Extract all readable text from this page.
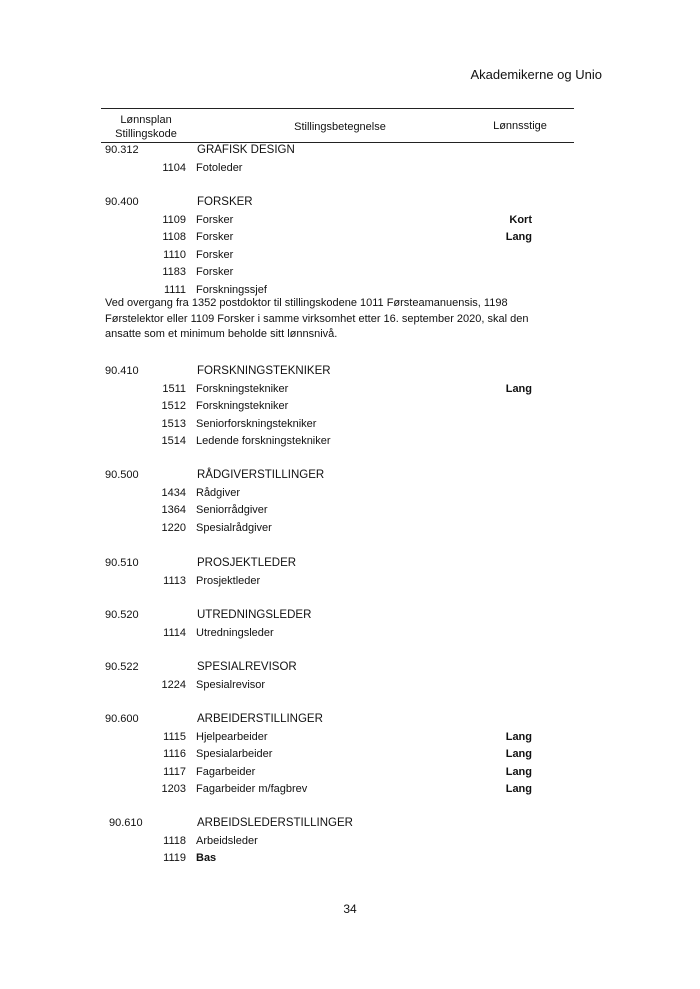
Akademikerne og Unio
Lønnsplan
Stillingskode
Stillingsbetegnelse	Lønnsstige
90.312	GRAFISK DESIGN
1104 Fotoleder
90.400	FORSKER
1109 Forsker	Kort
1108 Forsker	Lang
1110 Forsker
1183 Forsker
1111 Forskningssjef
Ved overgang fra 1352 postdoktor til stillingskodene 1011 Førsteamanuensis, 1198 Førstelektor eller 1109 Forsker i samme virksomhet etter 16. september 2020, skal den ansatte som et minimum beholde sitt lønnsnivå.
90.410	FORSKNINGSTEKNIKER
1511 Forskningstekniker	Lang
1512 Forskningstekniker
1513 Seniorforskningstekniker
1514 Ledende forskningstekniker
90.500	RÅDGIVERSTILLINGER
1434 Rådgiver
1364 Seniorrådgiver
1220 Spesialrådgiver
90.510	PROSJEKTLEDER
1113 Prosjektleder
90.520	UTREDNINGSLEDER
1114 Utredningsleder
90.522	SPESIALREVISOR
1224 Spesialrevisor
90.600	ARBEIDERSTILLINGER
1115 Hjelpearbeider	Lang
1116 Spesialarbeider	Lang
1117 Fagarbeider	Lang
1203 Fagarbeider m/fagbrev	Lang
90.610	ARBEIDSLEDERSTILLINGER
1118 Arbeidsleder
1119 Bas
34
